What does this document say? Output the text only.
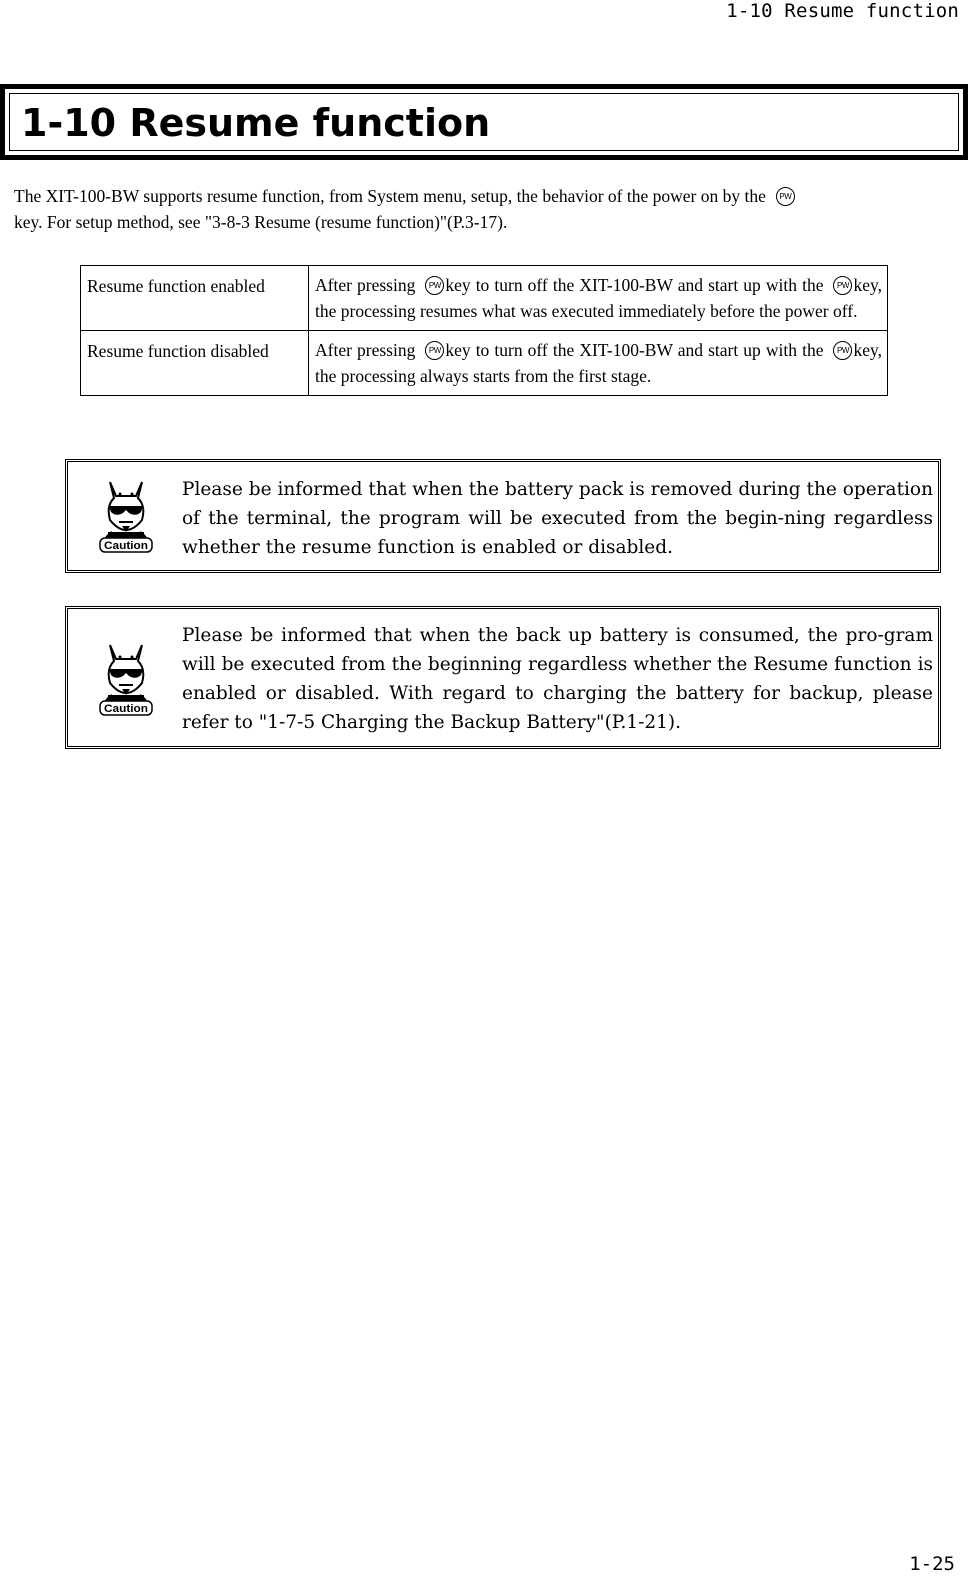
1-10 Resume function
1-10 Resume function

The XIT-100-BW supports resume function, from System menu, setup, the behavior of the power on by the PW
key. For setup method, see "3-8-3 Resume (resume function)"(P.3-17).

Resume function enabled	After pressing PW key to turn off the XIT-100-BW and start up with the PW key, the processing resumes what was executed immediately before the power off.
Resume function disabled	After pressing PW key to turn off the XIT-100-BW and start up with the PW key, the processing always starts from the first stage.
Caution
Please be informed that when the battery pack is removed during the operation of the terminal, the program will be executed from the begin-ning regardless whether the resume function is enabled or disabled.
Caution
Please be informed that when the back up battery is consumed, the pro-gram will be executed from the beginning regardless whether the Resume function is enabled or disabled. With regard to charging the battery for backup, please refer to "1-7-5 Charging the Backup Battery"(P.1-21).
1-25
